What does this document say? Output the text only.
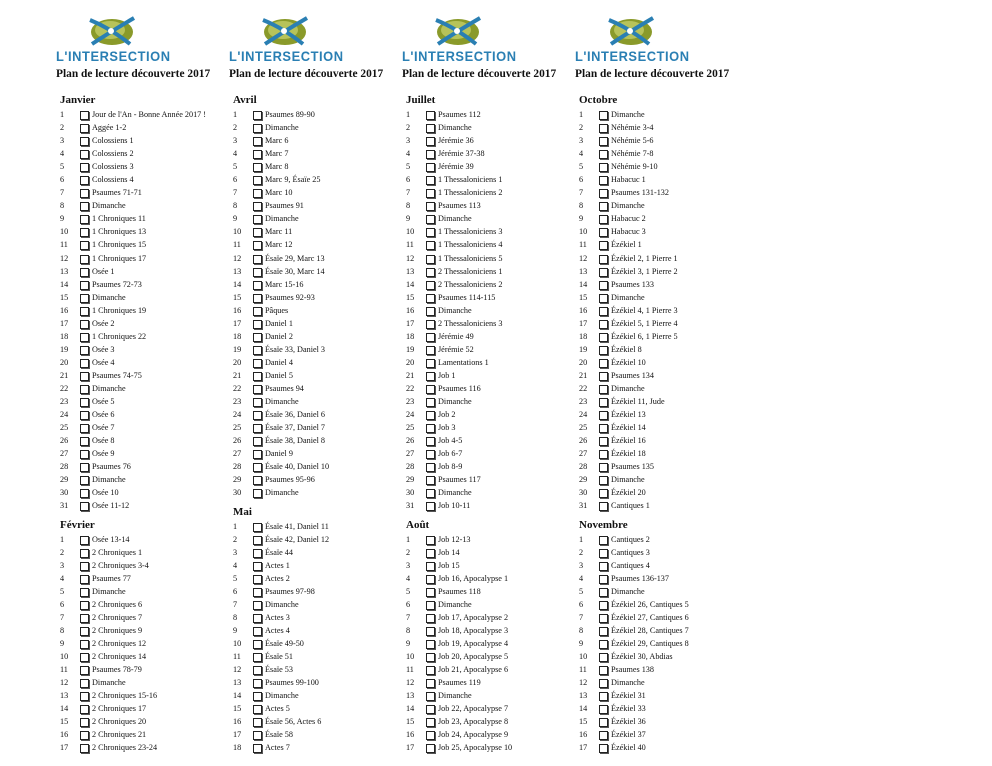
L'INTERSECTION
Plan de lecture découverte 2017
Janvier
1	Jour de l'An - Bonne Année 2017 !
2	Aggée 1-2
3	Colossiens 1
4	Colossiens 2
5	Colossiens 3
6	Colossiens 4
7	Psaumes 71-71
8	Dimanche
9	1 Chroniques 11
10	1 Chroniques 13
11	1 Chroniques 15
12	1 Chroniques 17
13	Osée 1
14	Psaumes 72-73
15	Dimanche
16	1 Chroniques 19
17	Osée 2
18	1 Chroniques 22
19	Osée 3
20	Osée 4
21	Psaumes 74-75
22	Dimanche
23	Osée 5
24	Osée 6
25	Osée 7
26	Osée 8
27	Osée 9
28	Psaumes 76
29	Dimanche
30	Osée 10
31	Osée 11-12
Février
1	Osée 13-14
2	2 Chroniques 1
3	2 Chroniques 3-4
4	Psaumes 77
5	Dimanche
6	2 Chroniques 6
7	2 Chroniques 7
8	2 Chroniques 9
9	2 Chroniques 12
10	2 Chroniques 14
11	Psaumes 78-79
12	Dimanche
13	2 Chroniques 15-16
14	2 Chroniques 17
15	2 Chroniques 20
16	2 Chroniques 21
17	2 Chroniques 23-24
L'INTERSECTION
Plan de lecture découverte 2017
Avril
1	Psaumes 89-90
2	Dimanche
3	Marc 6
4	Marc 7
5	Marc 8
6	Marc 9, Ésaïe 25
7	Marc 10
8	Psaumes 91
9	Dimanche
10	Marc 11
11	Marc 12
12	Ésaïe 29, Marc 13
13	Ésaïe 30, Marc 14
14	Marc 15-16
15	Psaumes 92-93
16	Pâques
17	Daniel 1
18	Daniel 2
19	Ésaïe 33, Daniel 3
20	Daniel 4
21	Daniel 5
22	Psaumes 94
23	Dimanche
24	Ésaïe 36, Daniel 6
25	Ésaïe 37, Daniel 7
26	Ésaïe 38, Daniel 8
27	Daniel 9
28	Ésaïe 40, Daniel 10
29	Psaumes 95-96
30	Dimanche
Mai
1	Ésaïe 41, Daniel 11
2	Ésaïe 42, Daniel 12
3	Ésaïe 44
4	Actes 1
5	Actes 2
6	Psaumes 97-98
7	Dimanche
8	Actes 3
9	Actes 4
10	Ésaïe 49-50
11	Ésaïe 51
12	Ésaïe 53
13	Psaumes 99-100
14	Dimanche
15	Actes 5
16	Ésaïe 56, Actes 6
17	Ésaïe 58
18	Actes 7
L'INTERSECTION
Plan de lecture découverte 2017
Juillet
1	Psaumes 112
2	Dimanche
3	Jérémie 36
4	Jérémie 37-38
5	Jérémie 39
6	1 Thessaloniciens 1
7	1 Thessaloniciens 2
8	Psaumes 113
9	Dimanche
10	1 Thessaloniciens 3
11	1 Thessaloniciens 4
12	1 Thessaloniciens 5
13	2 Thessaloniciens 1
14	2 Thessaloniciens 2
15	Psaumes 114-115
16	Dimanche
17	2 Thessaloniciens 3
18	Jérémie 49
19	Jérémie 52
20	Lamentations 1
21	Job 1
22	Psaumes 116
23	Dimanche
24	Job 2
25	Job 3
26	Job 4-5
27	Job 6-7
28	Job 8-9
29	Psaumes 117
30	Dimanche
31	Job 10-11
Août
1	Job 12-13
2	Job 14
3	Job 15
4	Job 16, Apocalypse 1
5	Psaumes 118
6	Dimanche
7	Job 17, Apocalypse 2
8	Job 18, Apocalypse 3
9	Job 19, Apocalypse 4
10	Job 20, Apocalypse 5
11	Job 21, Apocalypse 6
12	Psaumes 119
13	Dimanche
14	Job 22, Apocalypse 7
15	Job 23, Apocalypse 8
16	Job 24, Apocalypse 9
17	Job 25, Apocalypse 10
L'INTERSECTION
Plan de lecture découverte 2017
Octobre
1	Dimanche
2	Néhémie 3-4
3	Néhémie 5-6
4	Néhémie 7-8
5	Néhémie 9-10
6	Habacuc 1
7	Psaumes 131-132
8	Dimanche
9	Habacuc 2
10	Habacuc 3
11	Ézékiel 1
12	Ézékiel 2, 1 Pierre 1
13	Ézékiel 3, 1 Pierre 2
14	Psaumes 133
15	Dimanche
16	Ézékiel 4, 1 Pierre 3
17	Ézékiel 5, 1 Pierre 4
18	Ézékiel 6, 1 Pierre 5
19	Ézékiel 8
20	Ézékiel 10
21	Psaumes 134
22	Dimanche
23	Ézékiel 11, Jude
24	Ézékiel 13
25	Ézékiel 14
26	Ézékiel 16
27	Ézékiel 18
28	Psaumes 135
29	Dimanche
30	Ézékiel 20
31	Cantiques 1
Novembre
1	Cantiques 2
2	Cantiques 3
3	Cantiques 4
4	Psaumes 136-137
5	Dimanche
6	Ézékiel 26, Cantiques 5
7	Ézékiel 27, Cantiques 6
8	Ézékiel 28, Cantiques 7
9	Ézékiel 29, Cantiques 8
10	Ézékiel 30, Abdias
11	Psaumes 138
12	Dimanche
13	Ézékiel 31
14	Ézékiel 33
15	Ézékiel 36
16	Ézékiel 37
17	Ézékiel 40
